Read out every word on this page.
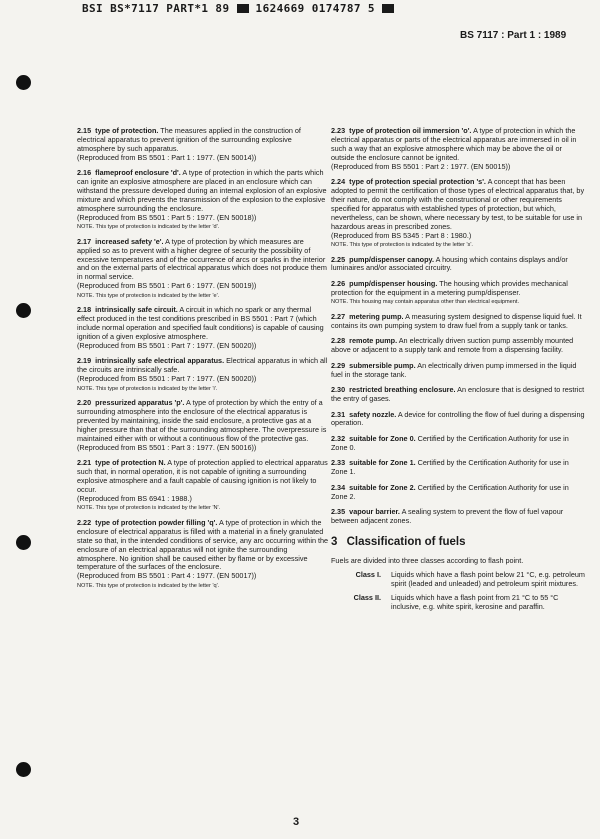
BSI BS*7117 PART*1 89 1624669 0174787 5
BS 7117 : Part 1 : 1989

2.15 type of protection. The measures applied in the construction of electrical apparatus to prevent ignition of the surrounding explosive atmosphere by such apparatus.
(Reproduced from BS 5501 : Part 1 : 1977. (EN 50014))

2.16 flameproof enclosure 'd'. A type of protection in which the parts which can ignite an explosive atmosphere are placed in an enclosure which can withstand the pressure developed during an internal explosion of an explosive mixture and which prevents the transmission of the explosion to the explosive atmosphere surrounding the enclosure.
(Reproduced from BS 5501 : Part 5 : 1977. (EN 50018))
NOTE. This type of protection is indicated by the letter 'd'.

2.17 increased safety 'e'. A type of protection by which measures are applied so as to prevent with a higher degree of security the possibility of excessive temperatures and of the occurrence of arcs or sparks in the interior and on the external parts of electrical apparatus which does not produce them in normal service.
(Reproduced from BS 5501 : Part 6 : 1977. (EN 50019))
NOTE. This type of protection is indicated by the letter 'e'.

2.18 intrinsically safe circuit. A circuit in which no spark or any thermal effect produced in the test conditions prescribed in BS 5501 : Part 7 (which include normal operation and specified fault conditions) is capable of causing ignition of a given explosive atmosphere.
(Reproduced from BS 5501 : Part 7 : 1977. (EN 50020))

2.19 intrinsically safe electrical apparatus. Electrical apparatus in which all the circuits are intrinsically safe.
(Reproduced from BS 5501 : Part 7 : 1977. (EN 50020))
NOTE. This type of protection is indicated by the letter 'i'.

2.20 pressurized apparatus 'p'. A type of protection by which the entry of a surrounding atmosphere into the enclosure of the electrical apparatus is prevented by maintaining, inside the said enclosure, a protective gas at a higher pressure than that of the surrounding atmosphere. The overpressure is maintained either with or without a continuous flow of the protective gas.
(Reproduced from BS 5501 : Part 3 : 1977. (EN 50016))

2.21 type of protection N. A type of protection applied to electrical apparatus such that, in normal operation, it is not capable of igniting a surrounding explosive atmosphere and a fault capable of causing ignition is not likely to occur.
(Reproduced from BS 6941 : 1988.)
NOTE. This type of protection is indicated by the letter 'N'.

2.22 type of protection powder filling 'q'. A type of protection in which the enclosure of electrical apparatus is filled with a material in a finely granulated state so that, in the intended conditions of service, any arc occurring within the enclosure of an electrical apparatus will not ignite the surrounding atmosphere. No ignition shall be caused either by flame or by excessive temperature of the surfaces of the enclosure.
(Reproduced from BS 5501 : Part 4 : 1977. (EN 50017))
NOTE. This type of protection is indicated by the letter 'q'.

2.23 type of protection oil immersion 'o'. A type of protection in which the electrical apparatus or parts of the electrical apparatus are immersed in oil in such a way that an explosive atmosphere which may be above the oil or outside the enclosure cannot be ignited.
(Reproduced from BS 5501 : Part 2 : 1977. (EN 50015))

2.24 type of protection special protection 's'. A concept that has been adopted to permit the certification of those types of electrical apparatus that, by their nature, do not comply with the constructional or other requirements specified for apparatus with established types of protection, but which, nevertheless, can be shown, where necessary by test, to be suitable for use in hazardous areas in prescribed zones.
(Reproduced from BS 5345 : Part 8 : 1980.)
NOTE. This type of protection is indicated by the letter 's'.

2.25 pump/dispenser canopy. A housing which contains displays and/or luminaires and/or associated circuitry.

2.26 pump/dispenser housing. The housing which provides mechanical protection for the equipment in a metering pump/dispenser.
NOTE. This housing may contain apparatus other than electrical equipment.

2.27 metering pump. A measuring system designed to dispense liquid fuel. It contains its own pumping system to draw fuel from a supply tank or tanks.

2.28 remote pump. An electrically driven suction pump assembly mounted above or adjacent to a supply tank and remote from a dispensing facility.

2.29 submersible pump. An electrically driven pump immersed in the liquid fuel in the storage tank.

2.30 restricted breathing enclosure. An enclosure that is designed to restrict the entry of gases.

2.31 safety nozzle. A device for controlling the flow of fuel during a dispensing operation.

2.32 suitable for Zone 0. Certified by the Certification Authority for use in Zone 0.

2.33 suitable for Zone 1. Certified by the Certification Authority for use in Zone 1.

2.34 suitable for Zone 2. Certified by the Certification Authority for use in Zone 2.

2.35 vapour barrier. A sealing system to prevent the flow of fuel vapour between adjacent zones.

3 Classification of fuels

Fuels are divided into three classes according to flash point.

Class I.	Liquids which have a flash point below 21 °C, e.g. petroleum spirit (leaded and unleaded) and petroleum spirit mixtures.
Class II.	Liquids which have a flash point from 21 °C to 55 °C inclusive, e.g. white spirit, kerosine and paraffin.
3
